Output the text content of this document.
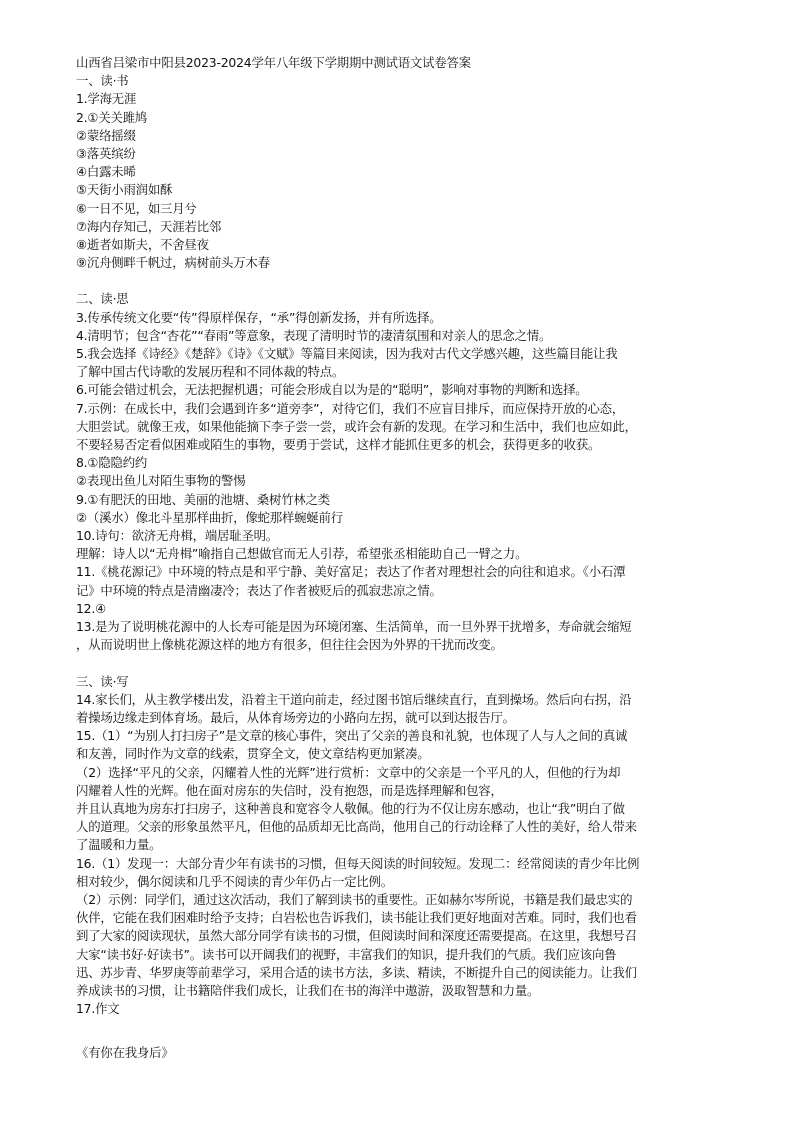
山西省吕梁市中阳县2023-2024学年八年级下学期期中测试语文试卷答案
一、读·书
1.学海无涯
2.①关关雎鸠
②蒙络摇缀
③落英缤纷
④白露未晞
⑤天街小雨润如酥
⑥一日不见，如三月兮
⑦海内存知己，天涯若比邻
⑧逝者如斯夫，不舍昼夜
⑨沉舟侧畔千帆过，病树前头万木春
二、读·思
3.传承传统文化要“传”得原样保存，“承”得创新发扬，并有所选择。
4.清明节；包含“杏花”“春雨”等意象，表现了清明时节的凄清氛围和对亲人的思念之情。
5.我会选择《诗经》《楚辞》《诗》《文赋》等篇目来阅读，因为我对古代文学感兴趣，这些篇目能让我
了解中国古代诗歌的发展历程和不同体裁的特点。
6.可能会错过机会，无法把握机遇；可能会形成自以为是的“聪明”，影响对事物的判断和选择。
7.示例：在成长中，我们会遇到许多“道旁李”，对待它们，我们不应盲目排斥，而应保持开放的心态，
大胆尝试。就像王戎，如果他能摘下李子尝一尝，或许会有新的发现。在学习和生活中，我们也应如此，
不要轻易否定看似困难或陌生的事物，要勇于尝试，这样才能抓住更多的机会，获得更多的收获。
8.①隐隐约约
②表现出鱼儿对陌生事物的警惕
9.①有肥沃的田地、美丽的池塘、桑树竹林之类
②（溪水）像北斗星那样曲折，像蛇那样蜿蜒前行
10.诗句：欲济无舟楫，端居耻圣明。
理解：诗人以“无舟楫”喻指自己想做官而无人引荐，希望张丞相能助自己一臂之力。
11.《桃花源记》中环境的特点是和平宁静、美好富足；表达了作者对理想社会的向往和追求。《小石潭
记》中环境的特点是清幽凄冷；表达了作者被贬后的孤寂悲凉之情。
12.④
13.是为了说明桃花源中的人长寿可能是因为环境闭塞、生活简单，而一旦外界干扰增多，寿命就会缩短
，从而说明世上像桃花源这样的地方有很多，但往往会因为外界的干扰而改变。
三、读·写
14.家长们，从主教学楼出发，沿着主干道向前走，经过图书馆后继续直行，直到操场。然后向右拐，沿
着操场边缘走到体育场。最后，从体育场旁边的小路向左拐，就可以到达报告厅。
15.（1）“为别人打扫房子”是文章的核心事件，突出了父亲的善良和礼貌，也体现了人与人之间的真诚
和友善，同时作为文章的线索，贯穿全文，使文章结构更加紧凑。
（2）选择“平凡的父亲，闪耀着人性的光辉”进行赏析：文章中的父亲是一个平凡的人，但他的行为却
闪耀着人性的光辉。他在面对房东的失信时，没有抱怨，而是选择理解和包容，
并且认真地为房东打扫房子，这种善良和宽容令人敬佩。他的行为不仅让房东感动，也让“我”明白了做
人的道理。父亲的形象虽然平凡，但他的品质却无比高尚，他用自己的行动诠释了人性的美好，给人带来
了温暖和力量。
16.（1）发现一：大部分青少年有读书的习惯，但每天阅读的时间较短。发现二：经常阅读的青少年比例
相对较少，偶尔阅读和几乎不阅读的青少年仍占一定比例。
（2）示例：同学们，通过这次活动，我们了解到读书的重要性。正如赫尔岑所说，书籍是我们最忠实的
伙伴，它能在我们困难时给予支持；白岩松也告诉我们，读书能让我们更好地面对苦难。同时，我们也看
到了大家的阅读现状，虽然大部分同学有读书的习惯，但阅读时间和深度还需要提高。在这里，我想号召
大家“读书好·好读书”。读书可以开阔我们的视野，丰富我们的知识，提升我们的气质。我们应该向鲁
迅、苏步青、华罗庚等前辈学习，采用合适的读书方法，多读、精读，不断提升自己的阅读能力。让我们
养成读书的习惯，让书籍陪伴我们成长，让我们在书的海洋中遨游，汲取智慧和力量。
17.作文
《有你在我身后》
